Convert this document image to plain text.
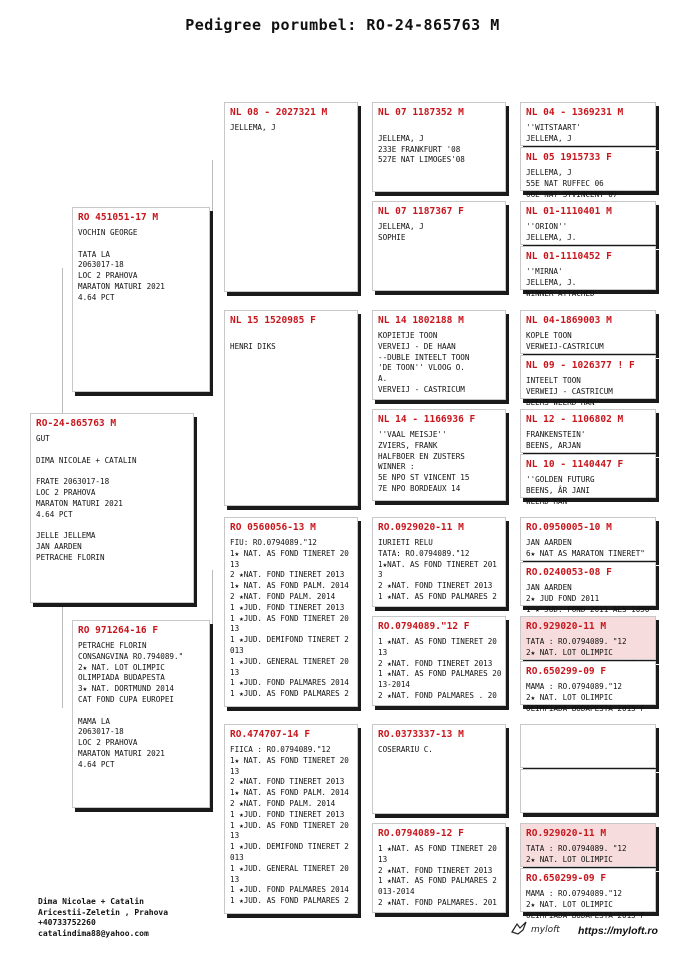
Pedigree porumbel: RO-24-865763 M
RO-24-865763 M
GUT

DIMA NICOLAE + CATALIN

FRATE 2063017-18
LOC 2 PRAHOVA
MARATON MATURI 2021
4.64 PCT

JELLE JELLEMA
JAN AARDEN
PETRACHE FLORIN
RO 451051-17 M
VOCHIN GEORGE

TATA LA
2063017-18
LOC 2 PRAHOVA
MARATON MATURI 2021
4.64 PCT
RO 971264-16 F
PETRACHE FLORIN
CONSANGVINA RO.794089."
2★ NAT. LOT OLIMPIC
OLIMPIADA BUDAPESTA
3★ NAT. DORTMUND 2014
CAT FOND CUPA EUROPEI

MAMA LA
2063017-18
LOC 2 PRAHOVA
MARATON MATURI 2021
4.64 PCT
NL 08 - 2027321 M
JELLEMA, J
NL 15 1520985 F

HENRI DIKS
RO 0560056-13 M
FIU: RO.0794089."12
1★ NAT. AS FOND TINERET 20
13
2 ★NAT. FOND TINERET 2013
1★ NAT. AS FOND PALM. 2014
2 ★NAT. FOND PALM. 2014
1 ★JUD. FOND TINERET 2013
1 ★JUD. AS FOND TINERET 20
13
1 ★JUD. DEMIFOND TINERET 2
013
1 ★JUD. GENERAL TINERET 20
13
1 ★JUD. FOND PALMARES 2014
1 ★JUD. AS FOND PALMARES 2
RO.474707-14 F
FIICA : RO.0794089."12
1★ NAT. AS FOND TINERET 20
13
2 ★NAT. FOND TINERET 2013
1★ NAT. AS FOND PALM. 2014
2 ★NAT. FOND PALM. 2014
1 ★JUD. FOND TINERET 2013
1 ★JUD. AS FOND TINERET 20
13
1 ★JUD. DEMIFOND TINERET 2
013
1 ★JUD. GENERAL TINERET 20
13
1 ★JUD. FOND PALMARES 2014
1 ★JUD. AS FOND PALMARES 2
NL 07 1187352 M

JELLEMA, J
233E FRANKFURT '08
527E NAT LIMOGES'08
NL 07 1187367 F
JELLEMA, J
SOPHIE
NL 14 1802188 M
KOPIETJE TOON
VERVEIJ - DE HAAN
--DUBLE INTEELT TOON
'DE TOON'' VLOOG O.
A.
VERVEIJ - CASTRICUM
NL 14 - 1166936 F
''VAAL MEISJE''
ZVIERS, FRANK
HALFBOER EN ZUSTERS
WINNER :
5E NPO ST VINCENT 15
7E NPO BORDEAUX 14
RO.0929020-11 M
IURIETI RELU
TATA: RO.0794089."12
1★NAT. AS FOND TINERET 201
3
2 ★NAT. FOND TINERET 2013
1 ★NAT. AS FOND PALMARES 2
RO.0794089."12 F
1 ★NAT. AS FOND TINERET 20
13
2 ★NAT. FOND TINERET 2013
1 ★NAT. AS FOND PALMARES 20
13-2014
2 ★NAT. FOND PALMARES . 20
RO.0373337-13 M
COSERARIU C.
RO.0794089-12 F
1 ★NAT. AS FOND TINERET 20
13
2 ★NAT. FOND TINERET 2013
1 ★NAT. AS FOND PALMARES 2
013-2014
2 ★NAT. FOND PALMARES. 201
NL 04 - 1369231 M
''WITSTAART'
JELLEMA, J
NL 05 1915733 F
JELLEMA, J
55E NAT RUFFEC 06
66E NAT STVINCENT'07
NL 01-1110401 M
''ORION''
JELLEMA, J.
NL 01-1110452 F
''MIRNA'
JELLEMA, J.
WINNER ATTACHED
NL 04-1869003 M
KOPLE TOON
VERWEIJ-CASTRICUM
NL 09 - 1026377 ! F
INTEELT TOON
VERWEIJ - CASTRICUM
BEERS WEERD HAN
NL 12 - 1106802 M
FRANKENSTEIN'
BEENS, ARJAN
NL 10 - 1140447 F
''GOLDEN FUTURG
BEENS, ÂR JANI
WEERD HAN
RO.0950005-10 M
JAN AARDEN
6★ NAT AS MARATON TINERET"
RO.0240053-08 F
JAN AARDEN
2★ JUD FOND 2011
1 ★ JUD. FOND 2011 ALS 1050
RO.929020-11 M
TATA : RO.0794089. "12
2★ NAT. LOT OLIMPIC
RO.650299-09 F
MAMA : RO.0794089."12
2★ NAT. LOT OLIMPIC
OLIMPIADA BUDAPESTA 2015 F

RO.929020-11 M
TATA : RO.0794089. "12
2★ NAT. LOT OLIMPIC
RO.650299-09 F
MAMA : RO.0794089."12
2★ NAT. LOT OLIMPIC
OLIMPIADA BUDAPESTA 2015 F
Dima Nicolae + Catalin
Aricestii-Zeletin , Prahova
+40733752260
catalindima88@yahoo.com	myloft https://myloft.ro
